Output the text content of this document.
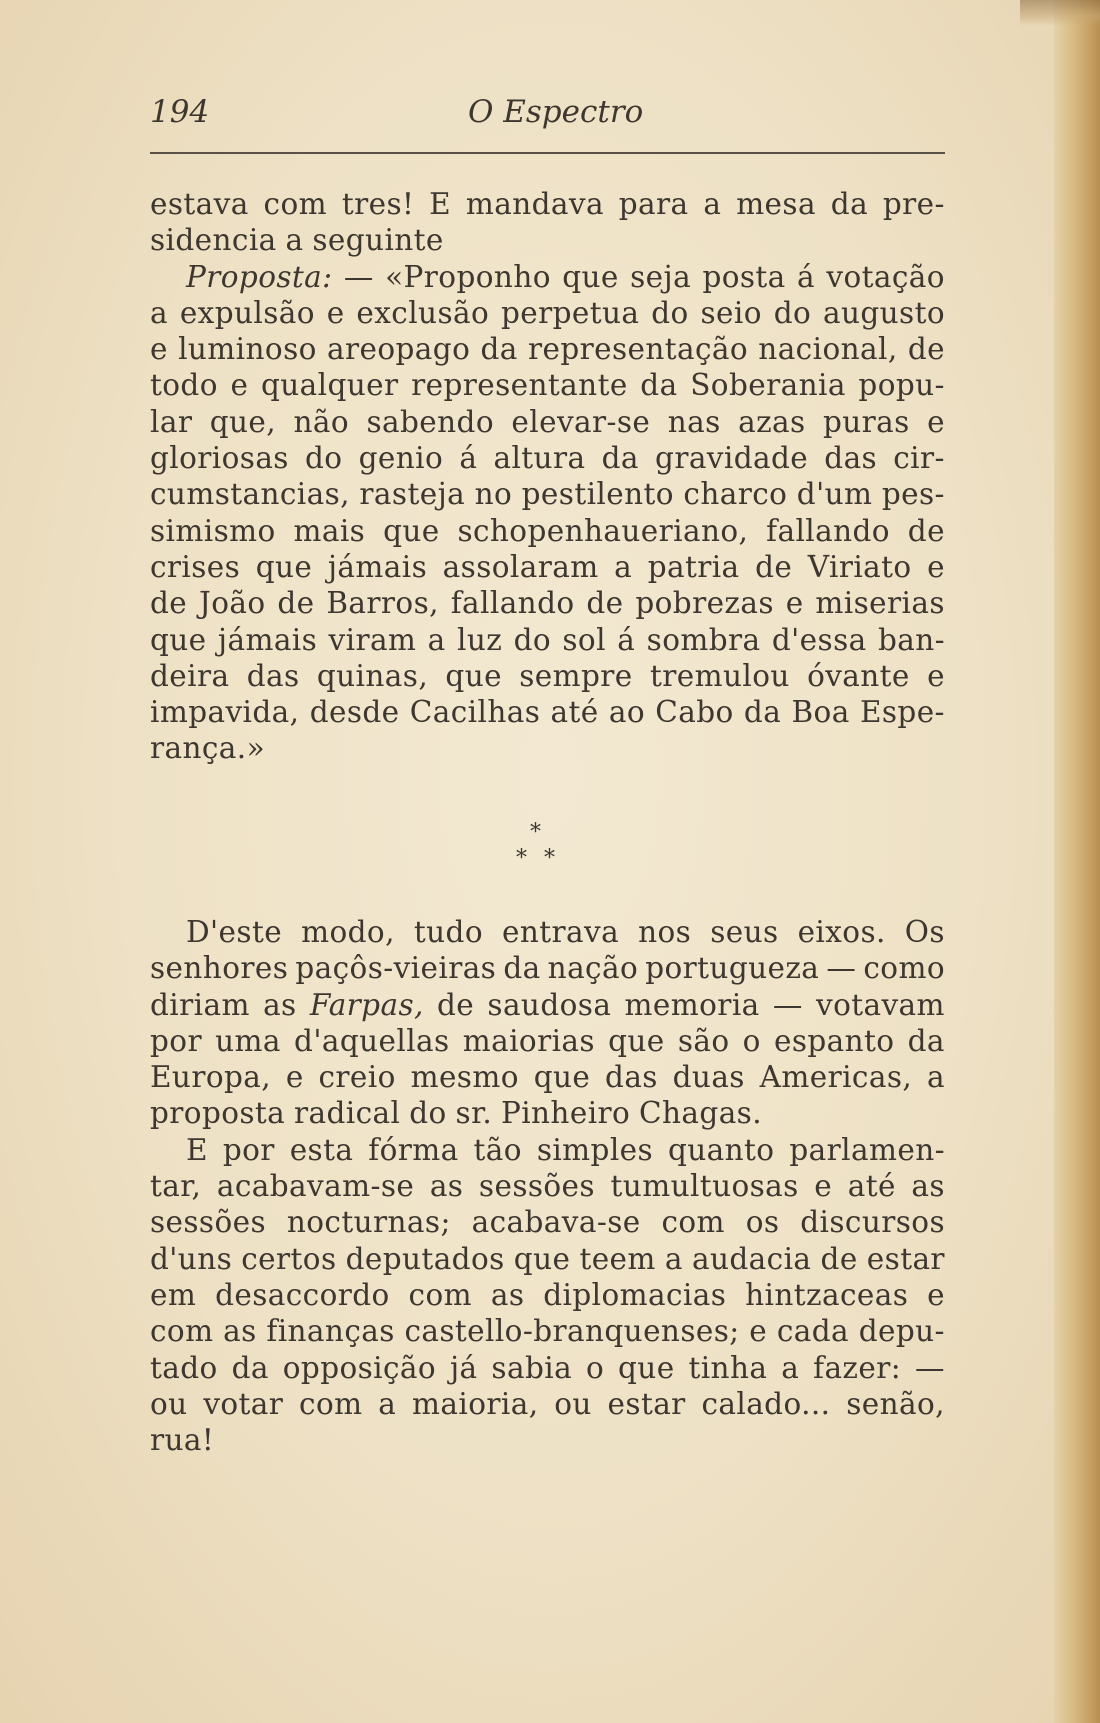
194	O Espectro
estava com tres! E mandava para a mesa da pre-
sidencia a seguinte
Proposta: — «Proponho que seja posta á votação
a expulsão e exclusão perpetua do seio do augusto
e luminoso areopago da representação nacional, de
todo e qualquer representante da Soberania popu-
lar que, não sabendo elevar-se nas azas puras e
gloriosas do genio á altura da gravidade das cir-
cumstancias, rasteja no pestilento charco d'um pes-
simismo mais que schopenhaueriano, fallando de
crises que jámais assolaram a patria de Viriato e
de João de Barros, fallando de pobrezas e miserias
que jámais viram a luz do sol á sombra d'essa ban-
deira das quinas, que sempre tremulou óvante e
impavida, desde Cacilhas até ao Cabo da Boa Espe-
rança.»
*
* *
D'este modo, tudo entrava nos seus eixos. Os
senhores paçôs-vieiras da nação portugueza — como
diriam as Farpas, de saudosa memoria — votavam
por uma d'aquellas maiorias que são o espanto da
Europa, e creio mesmo que das duas Americas, a
proposta radical do sr. Pinheiro Chagas.
E por esta fórma tão simples quanto parlamen-
tar, acabavam-se as sessões tumultuosas e até as
sessões nocturnas; acabava-se com os discursos
d'uns certos deputados que teem a audacia de estar
em desaccordo com as diplomacias hintzaceas e
com as finanças castello-branquenses; e cada depu-
tado da opposição já sabia o que tinha a fazer: —
ou votar com a maioria, ou estar calado... senão,
rua!
